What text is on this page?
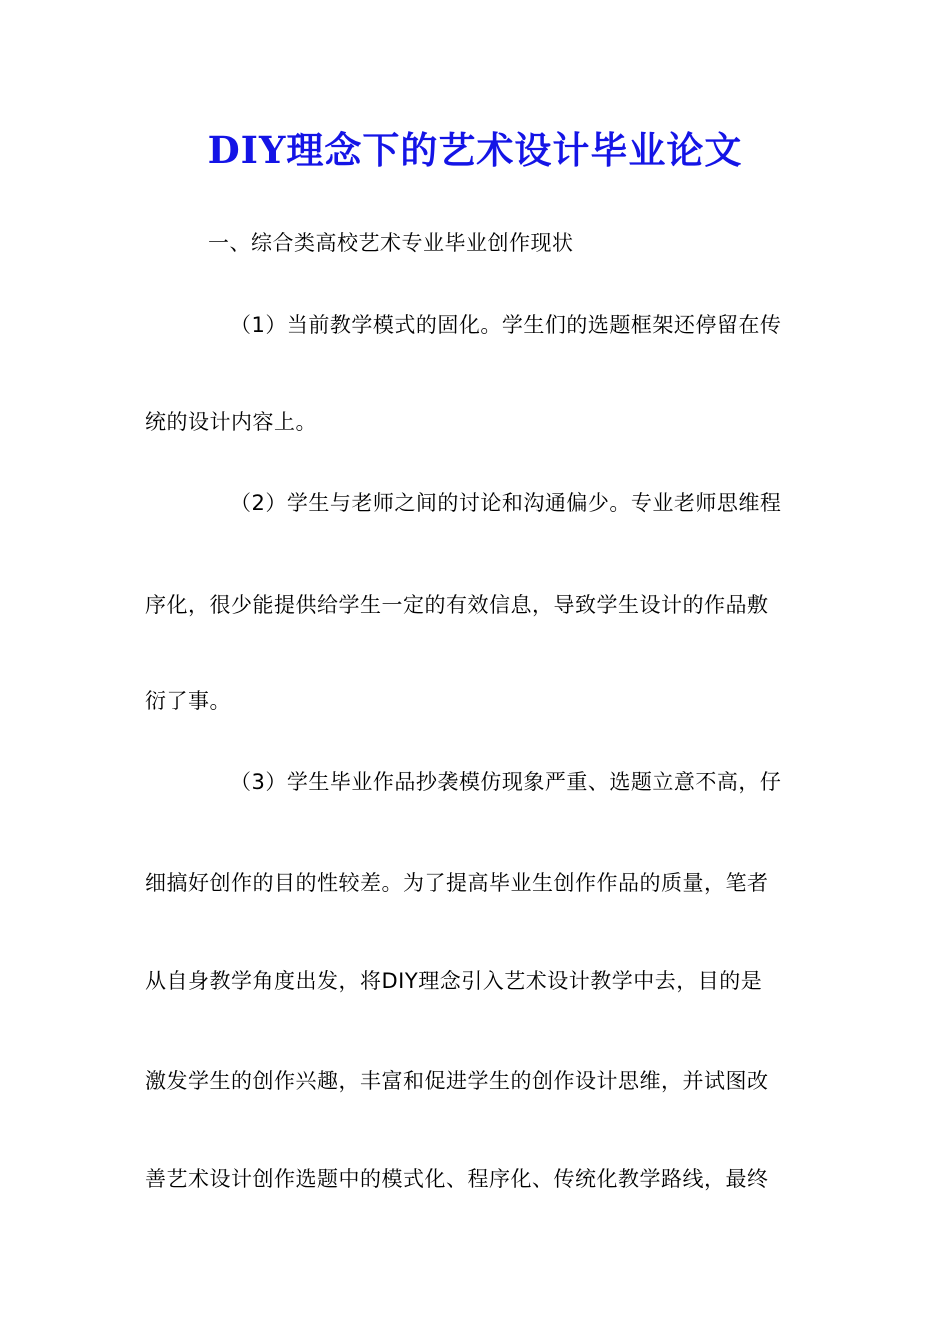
DIY理念下的艺术设计毕业论文
一、综合类高校艺术专业毕业创作现状
（1）当前教学模式的固化。学生们的选题框架还停留在传
统的设计内容上。
（2）学生与老师之间的讨论和沟通偏少。专业老师思维程
序化，很少能提供给学生一定的有效信息，导致学生设计的作品敷
衍了事。
（3）学生毕业作品抄袭模仿现象严重、选题立意不高，仔
细搞好创作的目的性较差。为了提高毕业生创作作品的质量，笔者
从自身教学角度出发，将DIY理念引入艺术设计教学中去，目的是
激发学生的创作兴趣，丰富和促进学生的创作设计思维，并试图改
善艺术设计创作选题中的模式化、程序化、传统化教学路线，最终
